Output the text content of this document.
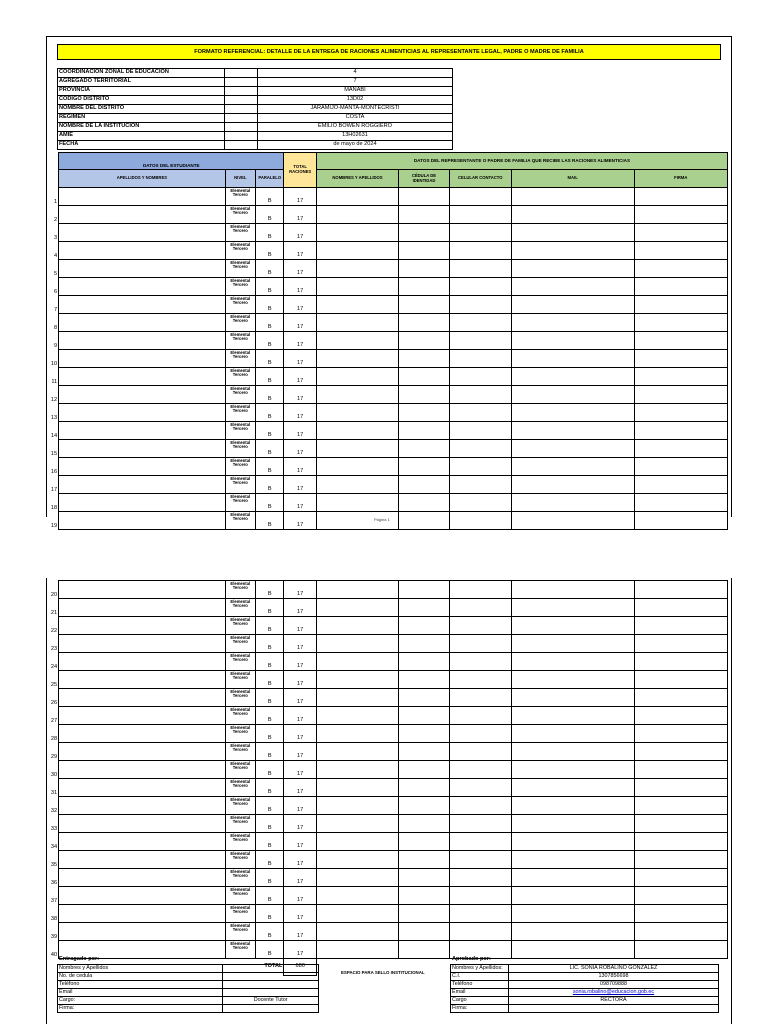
FORMATO REFERENCIAL: DETALLE DE LA ENTREGA DE RACIONES ALIMENTICIAS AL REPRESENTANTE LEGAL, PADRE O MADRE DE FAMILIA
COORDINACIÓN ZONAL DE EDUCACIÓN		4
AGREGADO TERRITORIAL		7
PROVINCIA		MANABI
CÓDIGO DISTRITO		13D02
NOMBRE DEL DISTRITO		JARAMIJO-MANTA-MONTECRISTI
RÉGIMEN		COSTA
NOMBRE DE LA INSTITUCIÓN		EMILIO BOWEN ROGGIERO
AMIE		13H02631
FECHA		de mayo de 2024
	DATOS DEL ESTUDIANTE			TOTAL RACIONES	DATOS DEL REPRESENTANTE O PADRE DE FAMILIA QUE RECIBE LAS RACIONES ALIMENTICIAS				
	APELLIDOS Y NOMBRES	NIVEL	PARALELO		NOMBRES Y APELLIDOS	CÉDULA DE IDENTIDAD	CELULAR CONTACTO	MAIL	FIRMA
1		Elemental Tercero	B	17					
2		Elemental Tercero	B	17					
3		Elemental Tercero	B	17					
4		Elemental Tercero	B	17					
5		Elemental Tercero	B	17					
6		Elemental Tercero	B	17					
7		Elemental Tercero	B	17					
8		Elemental Tercero	B	17					
9		Elemental Tercero	B	17					
10		Elemental Tercero	B	17					
11		Elemental Tercero	B	17					
12		Elemental Tercero	B	17					
13		Elemental Tercero	B	17					
14		Elemental Tercero	B	17					
15		Elemental Tercero	B	17					
16		Elemental Tercero	B	17					
17		Elemental Tercero	B	17					
18		Elemental Tercero	B	17					
19		Elemental Tercero	B	17					
Página 1
20		Elemental Tercero	B	17					
21		Elemental Tercero	B	17					
22		Elemental Tercero	B	17					
23		Elemental Tercero	B	17					
24		Elemental Tercero	B	17					
25		Elemental Tercero	B	17					
26		Elemental Tercero	B	17					
27		Elemental Tercero	B	17					
28		Elemental Tercero	B	17					
29		Elemental Tercero	B	17					
30		Elemental Tercero	B	17					
31		Elemental Tercero	B	17					
32		Elemental Tercero	B	17					
33		Elemental Tercero	B	17					
34		Elemental Tercero	B	17					
35		Elemental Tercero	B	17					
36		Elemental Tercero	B	17					
37		Elemental Tercero	B	17					
38		Elemental Tercero	B	17					
39		Elemental Tercero	B	17					
40		Elemental Tercero	B	17					
			TOTAL	680					
Entragado por:
Nombres y Apellidos	
No. de cedula	
Teléfono	
Email	
Cargo:	Docente Tutor
Firma:	
ESPACIO PARA SELLO INSTITUCIONAL
Aprobado por:
Nombres y Apellidos:	LIC. SONIA ROBALINO GONZÁLEZ
C.I.	1307856698
Teléfono	098709888
Email	sonia.robalino@educacion.gob.ec
Cargo	RECTORA
Firma:	
